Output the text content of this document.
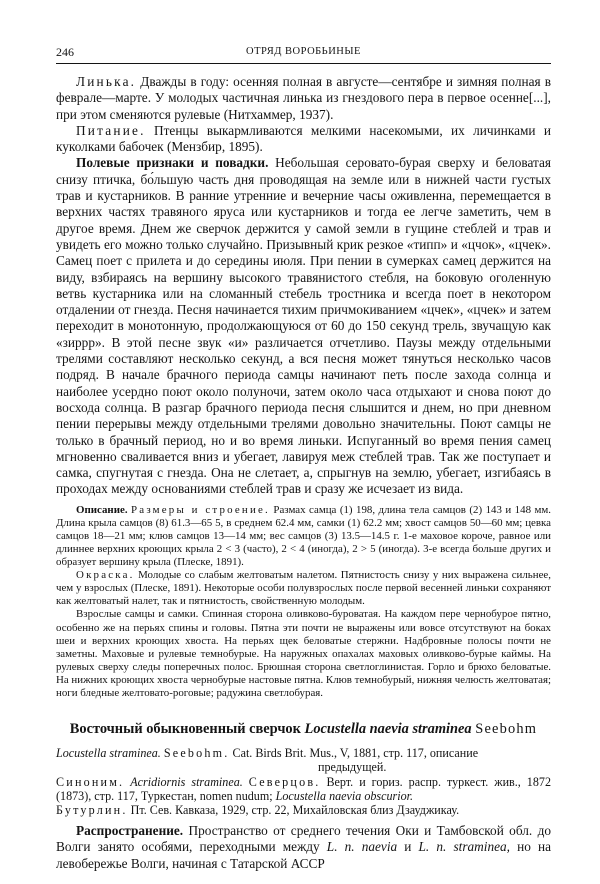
246	ОТРЯД ВОРОБЬИНЫЕ

Линька. Дважды в году: осенняя полная в августе—сентябре и зимняя полная в феврале—марте. У молодых частичная линька из гнездового пера в первое осенне[...], при этом сменяются рулевые (Нитхаммер, 1937).

Питание. Птенцы выкармливаются мелкими насекомыми, их личинками и куколками бабочек (Мензбир, 1895).

Полевые признаки и повадки. Небольшая серовато-бурая сверху и беловатая снизу птичка, бо́льшую часть дня проводящая на земле или в нижней части густых трав и кустарников. В ранние утренние и вечерние часы оживленна, перемещается в верхних частях травяного яруса или кустарников и тогда ее легче заметить, чем в другое время. Днем же сверчок держится у самой земли в гущине стеблей и трав и увидеть его можно только случайно. Призывный крик резкое «типп» и «цчок», «цчек». Самец поет с прилета и до середины июля. При пении в сумерках самец держится на виду, взбираясь на вершину высокого травянистого стебля, на боковую оголенную ветвь кустарника или на сломанный стебель тростника и всегда поет в некотором отдалении от гнезда. Песня начинается тихим причмокиванием «цчек», «цчек» и затем переходит в монотонную, продолжающуюся от 60 до 150 секунд трель, звучащую как «зиррр». В этой песне звук «и» различается отчетливо. Паузы между отдельными трелями составляют несколько секунд, а вся песня может тянуться несколько часов подряд. В начале брачного периода самцы начинают петь после захода солнца и наиболее усердно поют около полуночи, затем около часа отдыхают и снова поют до восхода солнца. В разгар брачного периода песня слышится и днем, но при дневном пении перерывы между отдельными трелями довольно значительны. Поют самцы не только в брачный период, но и во время линьки. Испуганный во время пения самец мгновенно сваливается вниз и убегает, лавируя меж стеблей трав. Так же поступает и самка, спугнутая с гнезда. Она не слетает, а, спрыгнув на землю, убегает, изгибаясь в проходах между основаниями стеблей трав и сразу же исчезает из вида.

Описание. Размеры и строение. Размах самца (1) 198, длина тела самцов (2) 143 и 148 мм. Длина крыла самцов (8) 61.3—65 5, в среднем 62.4 мм, самки (1) 62.2 мм; хвост самцов 50—60 мм; цевка самцов 18—21 мм; клюв самцов 13—14 мм; вес самцов (3) 13.5—14.5 г. 1-е маховое короче, равное или длиннее верхних кроющих крыла 2 < 3 (часто), 2 < 4 (иногда), 2 > 5 (иногда). 3-е всегда больше других и образует вершину крыла (Плеске, 1891).

Окраска. Молодые со слабым желтоватым налетом. Пятнистость снизу у них выражена сильнее, чем у взрослых (Плеске, 1891). Некоторые особи полувзрослых после первой весенней линьки сохраняют как желтоватый налет, так и пятнистость, свойственную молодым.

Взрослые самцы и самки. Спинная сторона оливково-буроватая. На каждом пере чернобурое пятно, особенно же на перьях спины и головы. Пятна эти почти не выражены или вовсе отсутствуют на боках шеи и верхних кроющих хвоста. На перьях щек беловатые стержни. Надбровные полосы почти не заметны. Маховые и рулевые темнобурые. На наружных опахалах маховых оливково-бурые каймы. На рулевых сверху следы поперечных полос. Брюшная сторона светлоглинистая. Горло и брюхо беловатые. На нижних кроющих хвоста чернобурые настовые пятна. Клюв темнобурый, нижняя челюсть желтоватая; ноги бледные желтовато-роговые; радужина светлобурая.

Восточный обыкновенный сверчок Locustella naevia straminea Seebohm

Locustella straminea. Seebohm. Cat. Birds Brit. Mus., V, 1881, стр. 117, описание
предыдущей.

Синоним. Acridiornis straminea. Северцов. Верт. и гориз. распр. туркест. жив., 1872 (1873), стр. 117, Туркестан, nomen nudum; Locustella naevia obscurior.

Бутурлин. Пт. Сев. Кавказа, 1929, стр. 22, Михайловская близ Дзауджикау.

Распространение. Пространство от среднего течения Оки и Тамбовской обл. до Волги занято особями, переходными между L. n. naevia и L. n. straminea, но на левобережье Волги, начиная с Татарской АССР
